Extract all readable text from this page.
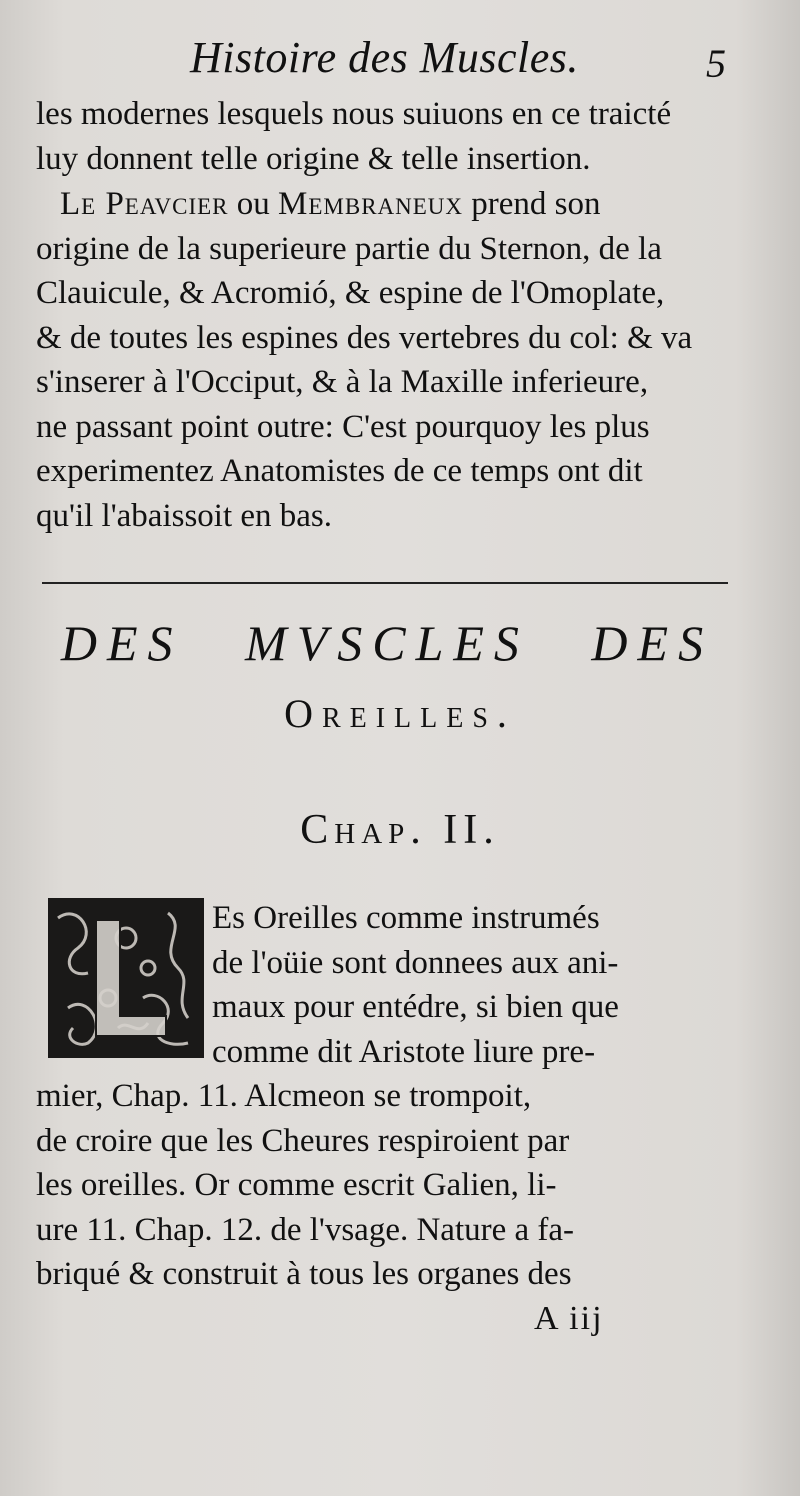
Histoire des Muscles.	5
les modernes lesquels nous suiuons en ce traicté
luy donnent telle origine & telle insertion.
Le Peavcier ou Membraneux prend son
origine de la superieure partie du Sternon, de la
Clauicule, & Acromió, & espine de l'Omoplate,
& de toutes les espines des vertebres du col: & va
s'inserer à l'Occiput, & à la Maxille inferieure,
ne passant point outre: C'est pourquoy les plus
experimentez Anatomistes de ce temps ont dit
qu'il l'abaissoit en bas.
DES MVSCLES DES
Oreilles.
Chap. II.
Es Oreilles comme instrumés
de l'oüie sont donnees aux ani-
maux pour entédre, si bien que
comme dit Aristote liure pre-
mier, Chap. 11. Alcmeon se trompoit,
de croire que les Cheures respiroient par
les oreilles. Or comme escrit Galien, li-
ure 11. Chap. 12. de l'vsage. Nature a fa-
briqué & construit à tous les organes des
A iij
